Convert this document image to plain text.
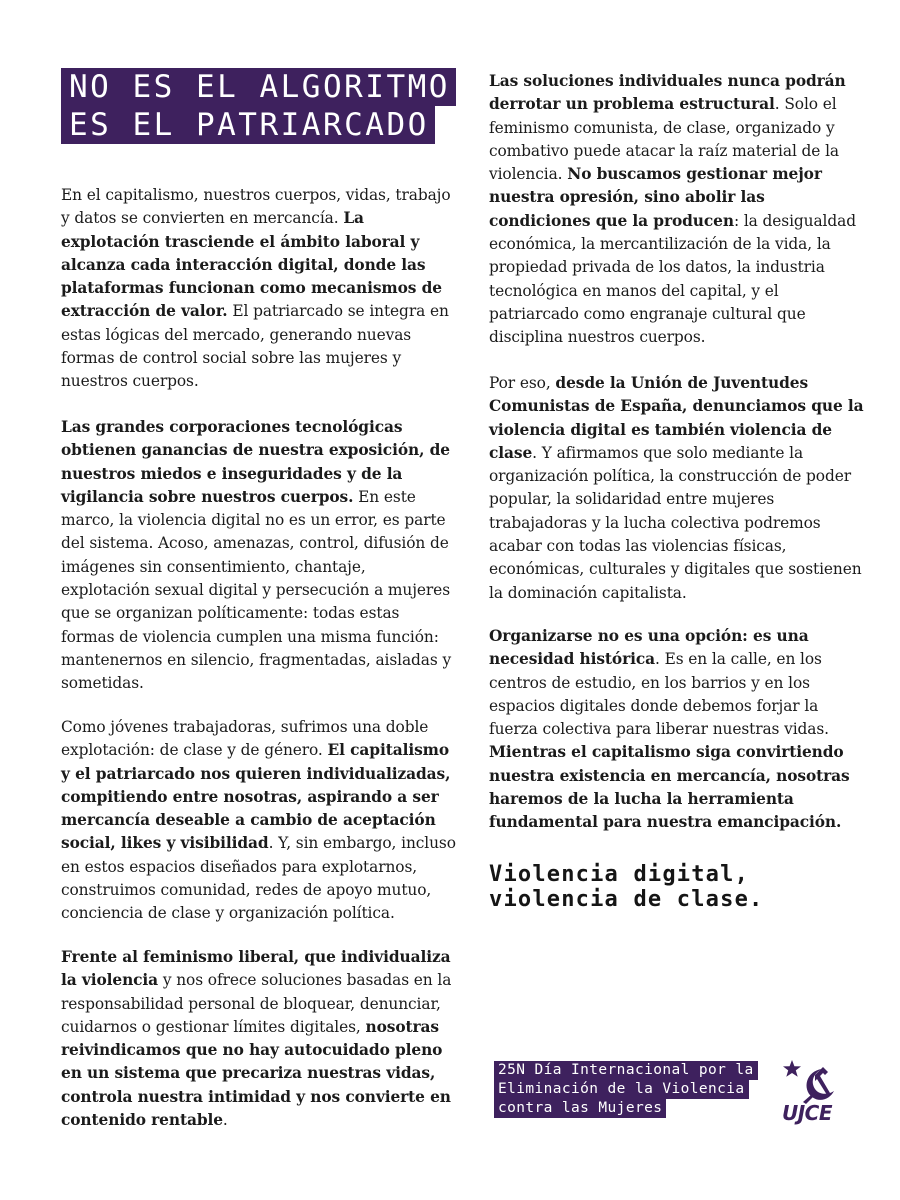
NO ES EL ALGORITMO
ES EL PATRIARCADO

En el capitalismo, nuestros cuerpos, vidas, trabajo y datos se convierten en mercancía. La explotación trasciende el ámbito laboral y alcanza cada interacción digital, donde las plataformas funcionan como mecanismos de extracción de valor. El patriarcado se integra en estas lógicas del mercado, generando nuevas formas de control social sobre las mujeres y nuestros cuerpos.

Las grandes corporaciones tecnológicas obtienen ganancias de nuestra exposición, de nuestros miedos e inseguridades y de la vigilancia sobre nuestros cuerpos. En este marco, la violencia digital no es un error, es parte del sistema. Acoso, amenazas, control, difusión de imágenes sin consentimiento, chantaje, explotación sexual digital y persecución a mujeres que se organizan políticamente: todas estas formas de violencia cumplen una misma función: mantenernos en silencio, fragmentadas, aisladas y sometidas.

Como jóvenes trabajadoras, sufrimos una doble explotación: de clase y de género. El capitalismo y el patriarcado nos quieren individualizadas, compitiendo entre nosotras, aspirando a ser mercancía deseable a cambio de aceptación social, likes y visibilidad. Y, sin embargo, incluso en estos espacios diseñados para explotarnos, construimos comunidad, redes de apoyo mutuo, conciencia de clase y organización política.

Frente al feminismo liberal, que individualiza la violencia y nos ofrece soluciones basadas en la responsabilidad personal de bloquear, denunciar, cuidarnos o gestionar límites digitales, nosotras reivindicamos que no hay autocuidado pleno en un sistema que precariza nuestras vidas, controla nuestra intimidad y nos convierte en contenido rentable.

Las soluciones individuales nunca podrán derrotar un problema estructural. Solo el feminismo comunista, de clase, organizado y combativo puede atacar la raíz material de la violencia. No buscamos gestionar mejor nuestra opresión, sino abolir las condiciones que la producen: la desigualdad económica, la mercantilización de la vida, la propiedad privada de los datos, la industria tecnológica en manos del capital, y el patriarcado como engranaje cultural que disciplina nuestros cuerpos.

Por eso, desde la Unión de Juventudes Comunistas de España, denunciamos que la violencia digital es también violencia de clase. Y afirmamos que solo mediante la organización política, la construcción de poder popular, la solidaridad entre mujeres trabajadoras y la lucha colectiva podremos acabar con todas las violencias físicas, económicas, culturales y digitales que sostienen la dominación capitalista.

Organizarse no es una opción: es una necesidad histórica. Es en la calle, en los centros de estudio, en los barrios y en los espacios digitales donde debemos forjar la fuerza colectiva para liberar nuestras vidas. Mientras el capitalismo siga convirtiendo nuestra existencia en mercancía, nosotras haremos de la lucha la herramienta fundamental para nuestra emancipación.

Violencia digital,
violencia de clase.
25N Día Internacional por la
Eliminación de la Violencia
contra las Mujeres	UJCE
